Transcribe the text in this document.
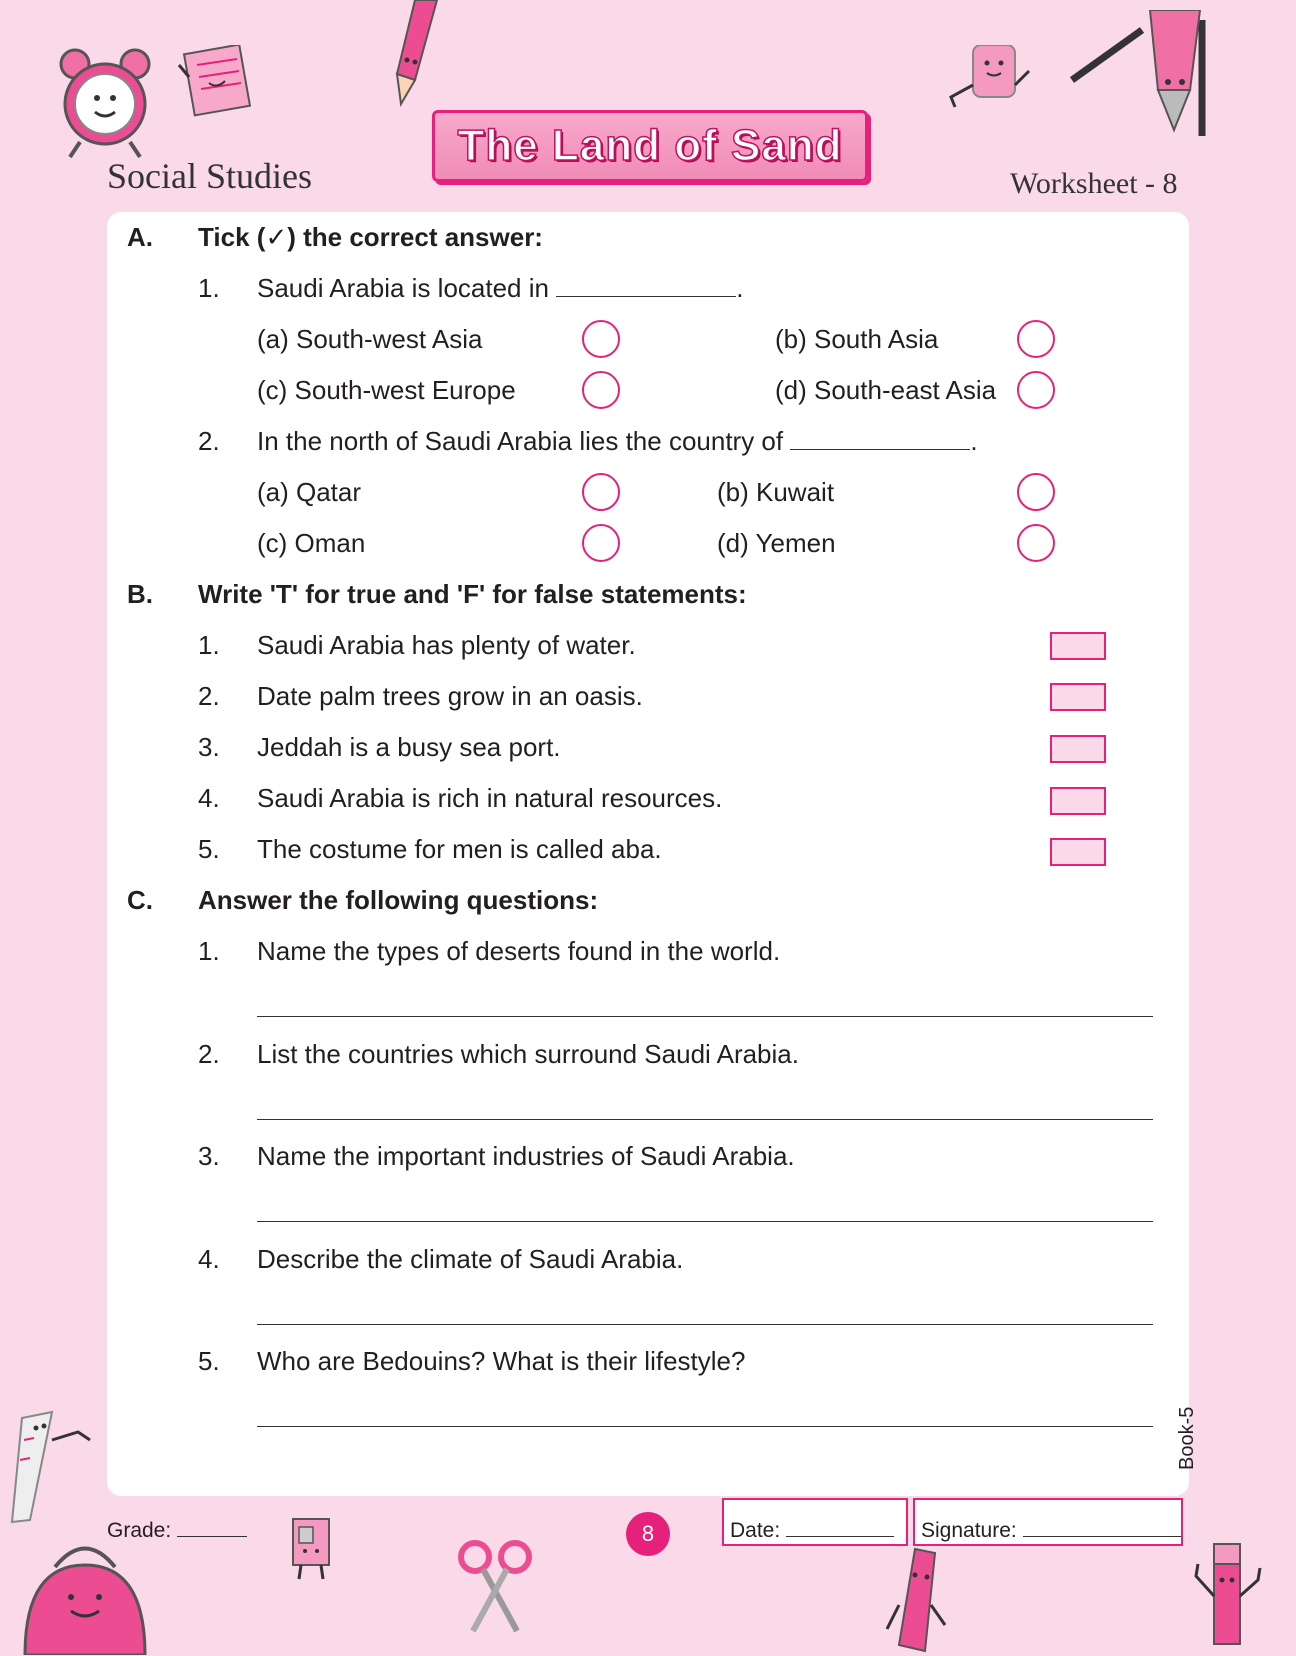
Social Studies
The Land of Sand
Worksheet - 8
A. Tick (✓) the correct answer:
1. Saudi Arabia is located in	.
(a) South-west Asia	(b) South Asia
(c) South-west Europe	(d) South-east Asia
2. In the north of Saudi Arabia lies the country of	.
(a) Qatar	(b) Kuwait
(c) Oman	(d) Yemen
B. Write 'T' for true and 'F' for false statements:
1. Saudi Arabia has plenty of water.
2. Date palm trees grow in an oasis.
3. Jeddah is a busy sea port.
4. Saudi Arabia is rich in natural resources.
5. The costume for men is called aba.
C. Answer the following questions:
1. Name the types of deserts found in the world.
2. List the countries which surround Saudi Arabia.
3. Name the important industries of Saudi Arabia.
4. Describe the climate of Saudi Arabia.
5. Who are Bedouins? What is their lifestyle?
Book-5
Grade:	8	Date:	Signature:
